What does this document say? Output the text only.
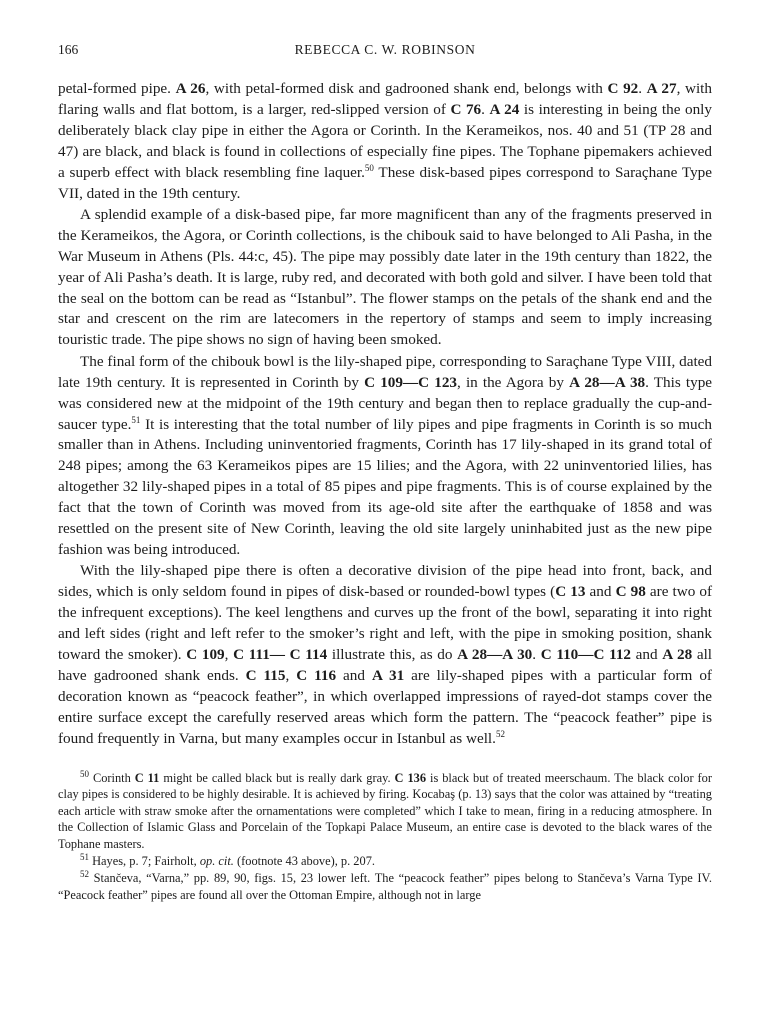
166	REBECCA C. W. ROBINSON

petal-formed pipe. A 26, with petal-formed disk and gadrooned shank end, belongs with C 92. A 27, with flaring walls and flat bottom, is a larger, red-slipped version of C 76. A 24 is interesting in being the only deliberately black clay pipe in either the Agora or Corinth. In the Kerameikos, nos. 40 and 51 (TP 28 and 47) are black, and black is found in collections of especially fine pipes. The Tophane pipemakers achieved a superb effect with black resembling fine laquer.$^{50}$ These disk-based pipes correspond to Saraçhane Type VII, dated in the 19th century.

A splendid example of a disk-based pipe, far more magnificent than any of the fragments preserved in the Kerameikos, the Agora, or Corinth collections, is the chibouk said to have belonged to Ali Pasha, in the War Museum in Athens (Pls. 44:c, 45). The pipe may possibly date later in the 19th century than 1822, the year of Ali Pasha’s death. It is large, ruby red, and decorated with both gold and silver. I have been told that the seal on the bottom can be read as “Istanbul”. The flower stamps on the petals of the shank end and the star and crescent on the rim are latecomers in the repertory of stamps and seem to imply increasing touristic trade. The pipe shows no sign of having been smoked.

The final form of the chibouk bowl is the lily-shaped pipe, corresponding to Saraçhane Type VIII, dated late 19th century. It is represented in Corinth by C 109—C 123, in the Agora by A 28—A 38. This type was considered new at the midpoint of the 19th century and began then to replace gradually the cup-and-saucer type.$^{51}$ It is interesting that the total number of lily pipes and pipe fragments in Corinth is so much smaller than in Athens. Including uninventoried fragments, Corinth has 17 lily-shaped in its grand total of 248 pipes; among the 63 Kerameikos pipes are 15 lilies; and the Agora, with 22 uninventoried lilies, has altogether 32 lily-shaped pipes in a total of 85 pipes and pipe fragments. This is of course explained by the fact that the town of Corinth was moved from its age-old site after the earthquake of 1858 and was resettled on the present site of New Corinth, leaving the old site largely uninhabited just as the new pipe fashion was being introduced.

With the lily-shaped pipe there is often a decorative division of the pipe head into front, back, and sides, which is only seldom found in pipes of disk-based or rounded-bowl types (C 13 and C 98 are two of the infrequent exceptions). The keel lengthens and curves up the front of the bowl, separating it into right and left sides (right and left refer to the smoker’s right and left, with the pipe in smoking position, shank toward the smoker). C 109, C 111— C 114 illustrate this, as do A 28—A 30. C 110—C 112 and A 28 all have gadrooned shank ends. C 115, C 116 and A 31 are lily-shaped pipes with a particular form of decoration known as “peacock feather”, in which overlapped impressions of rayed-dot stamps cover the entire surface except the carefully reserved areas which form the pattern. The “peacock feather” pipe is found frequently in Varna, but many examples occur in Istanbul as well.$^{52}$

$^{50}$ Corinth C 11 might be called black but is really dark gray. C 136 is black but of treated meerschaum. The black color for clay pipes is considered to be highly desirable. It is achieved by firing. Kocabaş (p. 13) says that the color was attained by “treating each article with straw smoke after the ornamentations were completed” which I take to mean, firing in a reducing atmosphere. In the Collection of Islamic Glass and Porcelain of the Topkapi Palace Museum, an entire case is devoted to the black wares of the Tophane masters.

$^{51}$ Hayes, p. 7; Fairholt, op. cit. (footnote 43 above), p. 207.

$^{52}$ Stančeva, “Varna,” pp. 89, 90, figs. 15, 23 lower left. The “peacock feather” pipes belong to Stančeva’s Varna Type IV. “Peacock feather” pipes are found all over the Ottoman Empire, although not in large
